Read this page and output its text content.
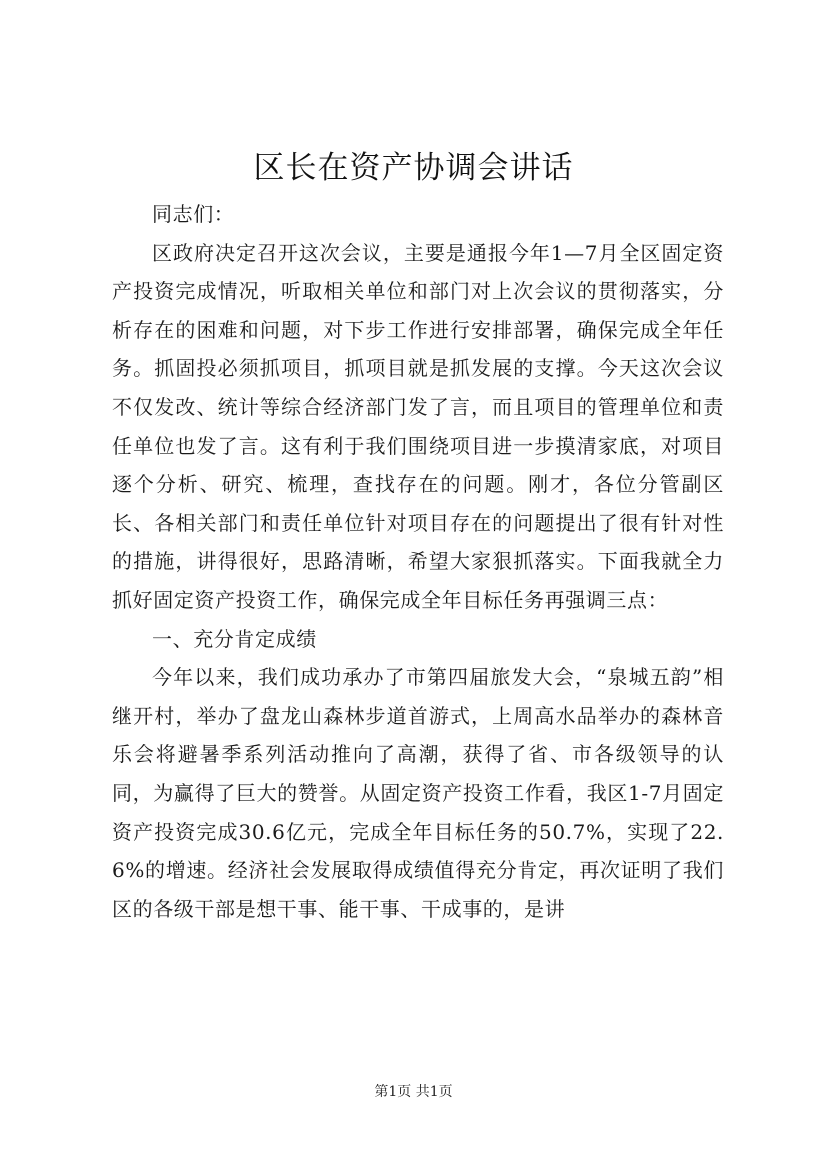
区长在资产协调会讲话

同志们：

区政府决定召开这次会议，主要是通报今年1—7月全区固定资产投资完成情况，听取相关单位和部门对上次会议的贯彻落实，分析存在的困难和问题，对下步工作进行安排部署，确保完成全年任务。抓固投必须抓项目，抓项目就是抓发展的支撑。今天这次会议不仅发改、统计等综合经济部门发了言，而且项目的管理单位和责任单位也发了言。这有利于我们围绕项目进一步摸清家底，对项目逐个分析、研究、梳理，查找存在的问题。刚才，各位分管副区长、各相关部门和责任单位针对项目存在的问题提出了很有针对性的措施，讲得很好，思路清晰，希望大家狠抓落实。下面我就全力抓好固定资产投资工作，确保完成全年目标任务再强调三点：

一、充分肯定成绩

今年以来，我们成功承办了市第四届旅发大会，“泉城五韵”相继开村，举办了盘龙山森林步道首游式，上周高水品举办的森林音乐会将避暑季系列活动推向了高潮，获得了省、市各级领导的认同，为赢得了巨大的赞誉。从固定资产投资工作看，我区1-7月固定资产投资完成30.6亿元，完成全年目标任务的50.7%，实现了22.6%的增速。经济社会发展取得成绩值得充分肯定，再次证明了我们区的各级干部是想干事、能干事、干成事的，是讲

第1页 共1页
